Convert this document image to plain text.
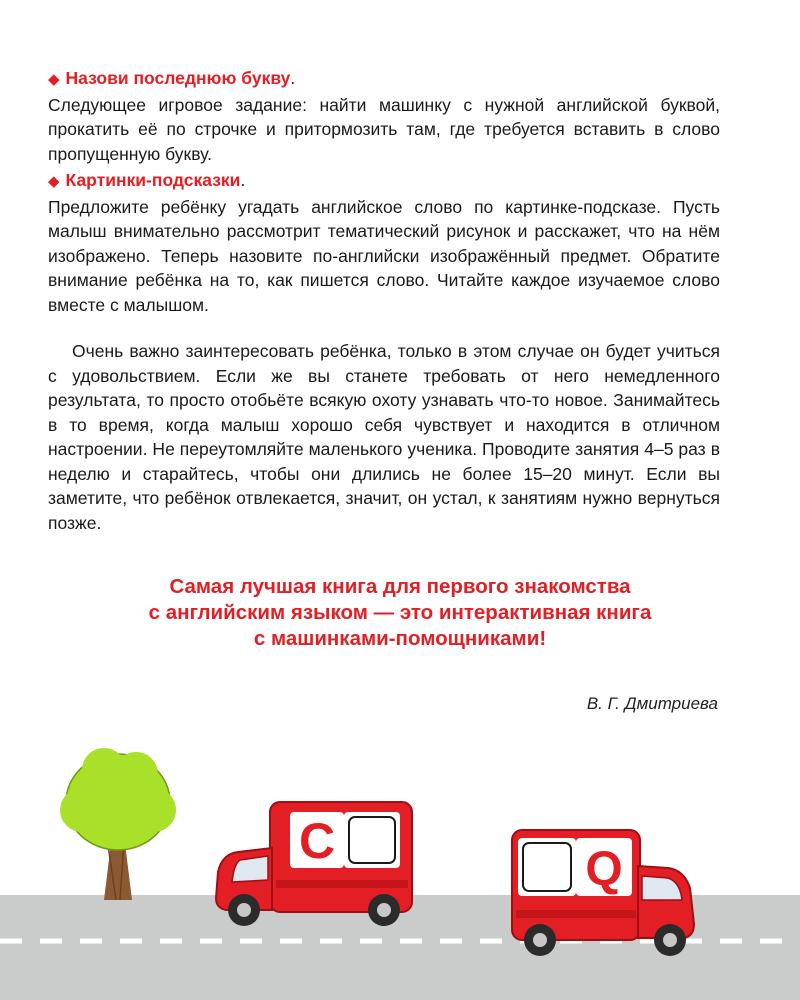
◆ Назови последнюю букву.
Следующее игровое задание: найти машинку с нужной английской буквой, прокатить её по строчке и притормозить там, где требуется вставить в слово пропущенную букву.
◆ Картинки-подсказки.
Предложите ребёнку угадать английское слово по картинке-подсказе. Пусть малыш внимательно рассмотрит тематический рисунок и расскажет, что на нём изображено. Теперь назовите по-английски изображённый предмет. Обратите внимание ребёнка на то, как пишется слово. Читайте каждое изучаемое слово вместе с малышом.
Очень важно заинтересовать ребёнка, только в этом случае он будет учиться с удовольствием. Если же вы станете требовать от него немедленного результата, то просто отобьёте всякую охоту узнавать что-то новое. Занимайтесь в то время, когда малыш хорошо себя чувствует и находится в отличном настроении. Не переутомляйте маленького ученика. Проводите занятия 4–5 раз в неделю и старайтесь, чтобы они длились не более 15–20 минут. Если вы заметите, что ребёнок отвлекается, значит, он устал, к занятиям нужно вернуться позже.
Самая лучшая книга для первого знакомства
с английским языком — это интерактивная книга
с машинками-помощниками!
В. Г. Дмитриева
C
Q
